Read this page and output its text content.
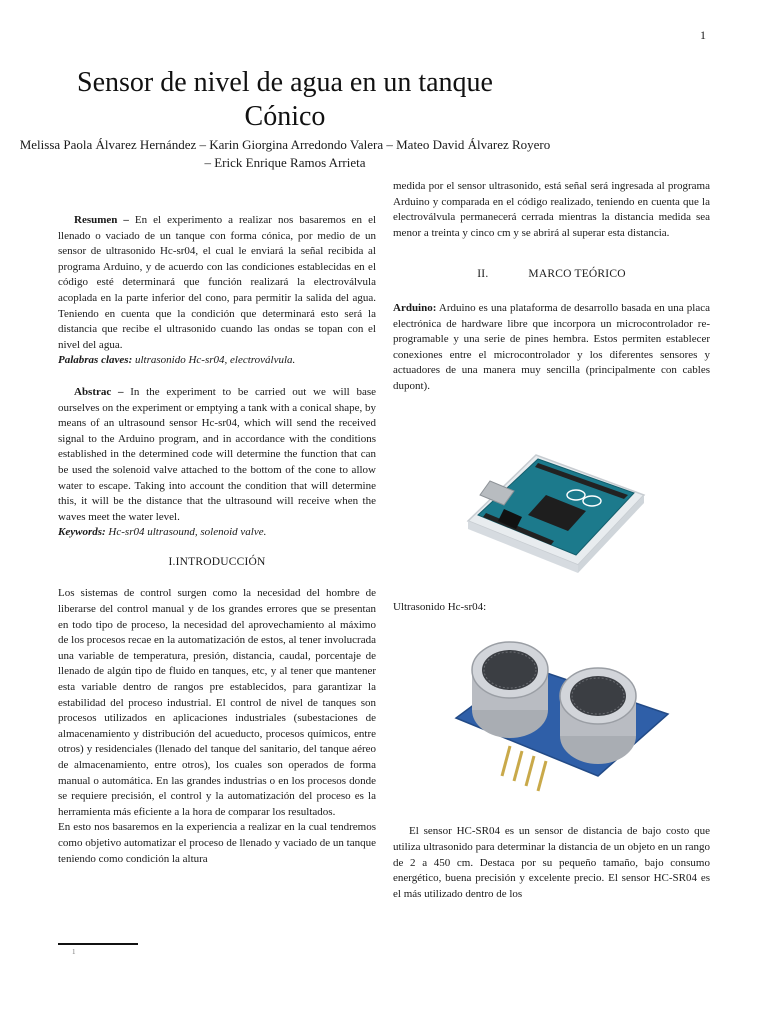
1
Sensor de nivel de agua en un tanque
Cónico
Melissa Paola Álvarez Hernández – Karin Giorgina Arredondo Valera – Mateo David Álvarez Royero
– Erick Enrique Ramos Arrieta

Resumen – En el experimento a realizar nos basaremos en el llenado o vaciado de un tanque con forma cónica, por medio de un sensor de ultrasonido Hc-sr04, el cual le enviará la señal recibida al programa Arduino, y de acuerdo con las condiciones establecidas en el código esté determinará que función realizará la electroválvula acoplada en la parte inferior del cono, para permitir la salida del agua. Teniendo en cuenta que la condición que determinará esto será la distancia que recibe el ultrasonido cuando las ondas se topan con el nivel del agua.

Palabras claves: ultrasonido Hc-sr04, electroválvula.

Abstrac – In the experiment to be carried out we will base ourselves on the experiment or emptying a tank with a conical shape, by means of an ultrasound sensor Hc-sr04, which will send the received signal to the Arduino program, and in accordance with the conditions established in the determined code will determine the function that can be used the solenoid valve attached to the bottom of the cone to allow water to escape. Taking into account the condition that will determine this, it will be the distance that the ultrasound will receive when the waves meet the water level.

Keywords: Hc-sr04 ultrasound, solenoid valve.

I.INTRODUCCIÓN

Los sistemas de control surgen como la necesidad del hombre de liberarse del control manual y de los grandes errores que se presentan en todo tipo de proceso, la necesidad del aprovechamiento al máximo de los procesos recae en la automatización de estos, al tener involucrada una variable de temperatura, presión, distancia, caudal, porcentaje de llenado de algún tipo de fluido en tanques, etc, y al tener que mantener esta variable dentro de rangos pre establecidos, para garantizar la estabilidad del proceso industrial. El control de nivel de tanques son procesos utilizados en aplicaciones industriales (subestaciones de almacenamiento y distribución del acueducto, procesos químicos, entre otros) y residenciales (llenado del tanque del sanitario, del tanque aéreo de almacenamiento, entre otros), los cuales son operados de forma manual o automática. En las grandes industrias o en los procesos donde se requiere precisión, el control y la automatización del proceso es la herramienta más eficiente a la hora de comparar los resultados.

En esto nos basaremos en la experiencia a realizar en la cual tendremos como objetivo automatizar el proceso de llenado y vaciado de un tanque teniendo como condición la altura

1

medida por el sensor ultrasonido, está señal será ingresada al programa Arduino y comparada en el código realizado, teniendo en cuenta que la electroválvula permanecerá cerrada mientras la distancia medida sea menor a treinta y cinco cm y se abrirá al superar esta distancia.

II.	MARCO TEÓRICO

Arduino: Arduino es una plataforma de desarrollo basada en una placa electrónica de hardware libre que incorpora un microcontrolador re-programable y una serie de pines hembra. Estos permiten establecer conexiones entre el microcontrolador y los diferentes sensores y actuadores de una manera muy sencilla (principalmente con cables dupont).

Ultrasonido Hc-sr04:

El sensor HC-SR04 es un sensor de distancia de bajo costo que utiliza ultrasonido para determinar la distancia de un objeto en un rango de 2 a 450 cm. Destaca por su pequeño tamaño, bajo consumo energético, buena precisión y excelente precio. El sensor HC-SR04 es el más utilizado dentro de los
